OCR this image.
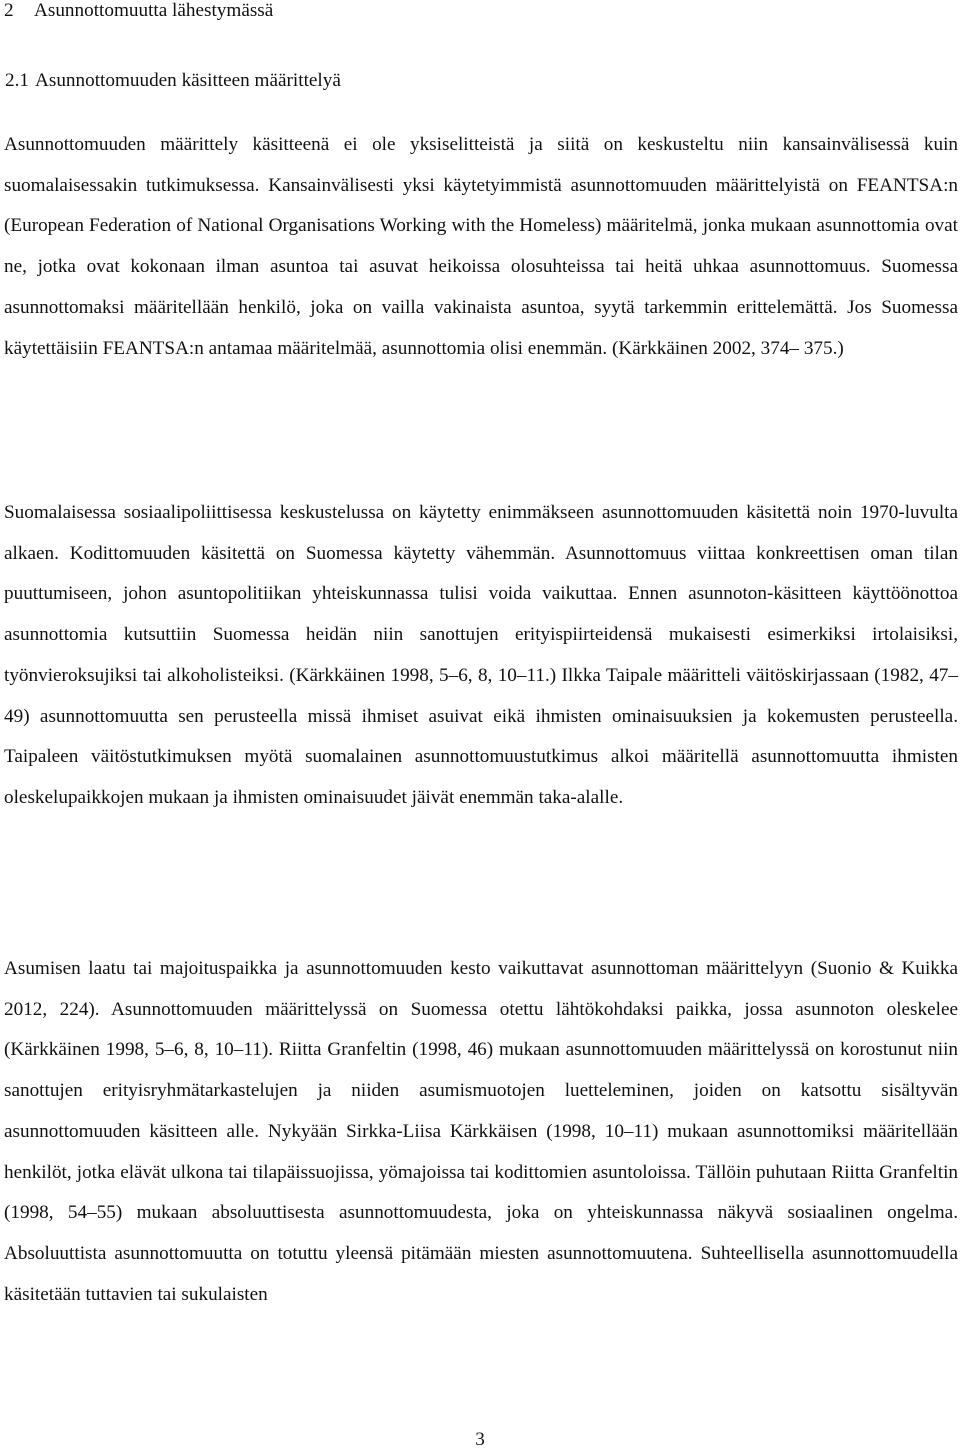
2 Asunnottomuutta lähestymässä
2.1 Asunnottomuuden käsitteen määrittelyä

Asunnottomuuden määrittely käsitteenä ei ole yksiselitteistä ja siitä on keskusteltu niin kansainvälisessä kuin suomalaisessakin tutkimuksessa. Kansainvälisesti yksi käytetyimmistä asunnottomuuden määrittelyistä on FEANTSA:n (European Federation of National Organisations Working with the Homeless) määritelmä, jonka mukaan asunnottomia ovat ne, jotka ovat kokonaan ilman asuntoa tai asuvat heikoissa olosuhteissa tai heitä uhkaa asunnottomuus. Suomessa asunnottomaksi määritellään henkilö, joka on vailla vakinaista asuntoa, syytä tarkemmin erittelemättä. Jos Suomessa käytettäisiin FEANTSA:n antamaa määritelmää, asunnottomia olisi enemmän. (Kärkkäinen 2002, 374– 375.)

Suomalaisessa sosiaalipoliittisessa keskustelussa on käytetty enimmäkseen asunnottomuuden käsitettä noin 1970-luvulta alkaen. Kodittomuuden käsitettä on Suomessa käytetty vähemmän. Asunnottomuus viittaa konkreettisen oman tilan puuttumiseen, johon asuntopolitiikan yhteiskunnassa tulisi voida vaikuttaa. Ennen asunnoton-käsitteen käyttöönottoa asunnottomia kutsuttiin Suomessa heidän niin sanottujen erityispiirteidensä mukaisesti esimerkiksi irtolaisiksi, työnvieroksujiksi tai alkoholisteiksi. (Kärkkäinen 1998, 5–6, 8, 10–11.) Ilkka Taipale määritteli väitöskirjassaan (1982, 47–49) asunnottomuutta sen perusteella missä ihmiset asuivat eikä ihmisten ominaisuuksien ja kokemusten perusteella. Taipaleen väitöstutkimuksen myötä suomalainen asunnottomuustutkimus alkoi määritellä asunnottomuutta ihmisten oleskelupaikkojen mukaan ja ihmisten ominaisuudet jäivät enemmän taka-alalle.

Asumisen laatu tai majoituspaikka ja asunnottomuuden kesto vaikuttavat asunnottoman määrittelyyn (Suonio & Kuikka 2012, 224). Asunnottomuuden määrittelyssä on Suomessa otettu lähtökohdaksi paikka, jossa asunnoton oleskelee (Kärkkäinen 1998, 5–6, 8, 10–11). Riitta Granfeltin (1998, 46) mukaan asunnottomuuden määrittelyssä on korostunut niin sanottujen erityisryhmätarkastelujen ja niiden asumismuotojen luetteleminen, joiden on katsottu sisältyvän asunnottomuuden käsitteen alle. Nykyään Sirkka-Liisa Kärkkäisen (1998, 10–11) mukaan asunnottomiksi määritellään henkilöt, jotka elävät ulkona tai tilapäissuojissa, yömajoissa tai kodittomien asuntoloissa. Tällöin puhutaan Riitta Granfeltin (1998, 54–55) mukaan absoluuttisesta asunnottomuudesta, joka on yhteiskunnassa näkyvä sosiaalinen ongelma. Absoluuttista asunnottomuutta on totuttu yleensä pitämään miesten asunnottomuutena. Suhteellisella asunnottomuudella käsitetään tuttavien tai sukulaisten

3
